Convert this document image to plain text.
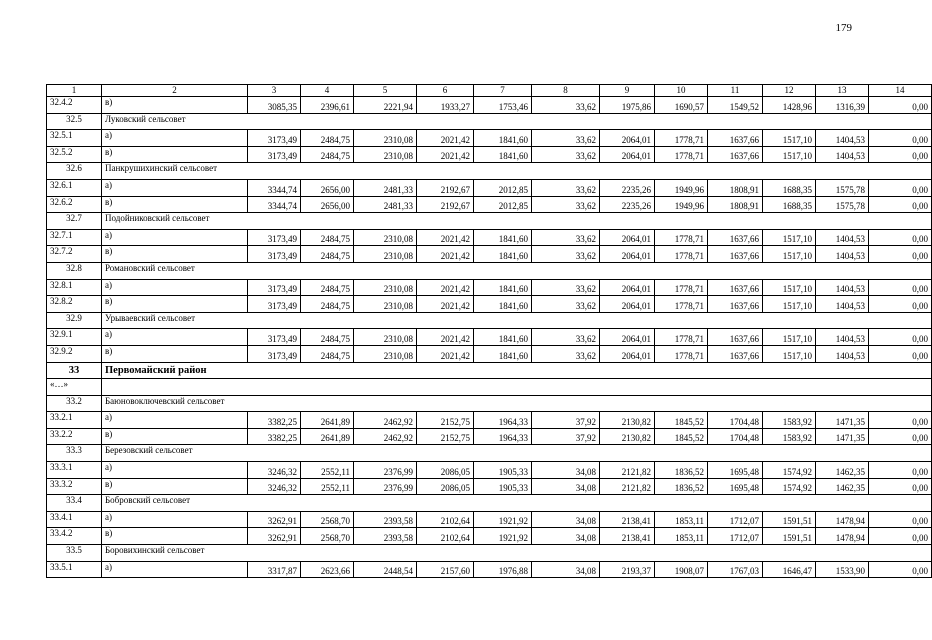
179
1	2	3	4	5	6	7	8	9	10	11	12	13	14
32.4.2	в)	3085,35	2396,61	2221,94	1933,27	1753,46	33,62	1975,86	1690,57	1549,52	1428,96	1316,39	0,00
32.5	Луковский сельсовет												
32.5.1	а)	3173,49	2484,75	2310,08	2021,42	1841,60	33,62	2064,01	1778,71	1637,66	1517,10	1404,53	0,00
32.5.2	в)	3173,49	2484,75	2310,08	2021,42	1841,60	33,62	2064,01	1778,71	1637,66	1517,10	1404,53	0,00
32.6	Панкрушихинский сельсовет												
32.6.1	а)	3344,74	2656,00	2481,33	2192,67	2012,85	33,62	2235,26	1949,96	1808,91	1688,35	1575,78	0,00
32.6.2	в)	3344,74	2656,00	2481,33	2192,67	2012,85	33,62	2235,26	1949,96	1808,91	1688,35	1575,78	0,00
32.7	Подойниковский сельсовет												
32.7.1	а)	3173,49	2484,75	2310,08	2021,42	1841,60	33,62	2064,01	1778,71	1637,66	1517,10	1404,53	0,00
32.7.2	в)	3173,49	2484,75	2310,08	2021,42	1841,60	33,62	2064,01	1778,71	1637,66	1517,10	1404,53	0,00
32.8	Романовский сельсовет												
32.8.1	а)	3173,49	2484,75	2310,08	2021,42	1841,60	33,62	2064,01	1778,71	1637,66	1517,10	1404,53	0,00
32.8.2	в)	3173,49	2484,75	2310,08	2021,42	1841,60	33,62	2064,01	1778,71	1637,66	1517,10	1404,53	0,00
32.9	Урываевский сельсовет												
32.9.1	а)	3173,49	2484,75	2310,08	2021,42	1841,60	33,62	2064,01	1778,71	1637,66	1517,10	1404,53	0,00
32.9.2	в)	3173,49	2484,75	2310,08	2021,42	1841,60	33,62	2064,01	1778,71	1637,66	1517,10	1404,53	0,00
33	Первомайский район												
«…»													
33.2	Баюновоключевский сельсовет												
33.2.1	а)	3382,25	2641,89	2462,92	2152,75	1964,33	37,92	2130,82	1845,52	1704,48	1583,92	1471,35	0,00
33.2.2	в)	3382,25	2641,89	2462,92	2152,75	1964,33	37,92	2130,82	1845,52	1704,48	1583,92	1471,35	0,00
33.3	Березовский сельсовет												
33.3.1	а)	3246,32	2552,11	2376,99	2086,05	1905,33	34,08	2121,82	1836,52	1695,48	1574,92	1462,35	0,00
33.3.2	в)	3246,32	2552,11	2376,99	2086,05	1905,33	34,08	2121,82	1836,52	1695,48	1574,92	1462,35	0,00
33.4	Бобровский сельсовет												
33.4.1	а)	3262,91	2568,70	2393,58	2102,64	1921,92	34,08	2138,41	1853,11	1712,07	1591,51	1478,94	0,00
33.4.2	в)	3262,91	2568,70	2393,58	2102,64	1921,92	34,08	2138,41	1853,11	1712,07	1591,51	1478,94	0,00
33.5	Боровихинский сельсовет												
33.5.1	а)	3317,87	2623,66	2448,54	2157,60	1976,88	34,08	2193,37	1908,07	1767,03	1646,47	1533,90	0,00
